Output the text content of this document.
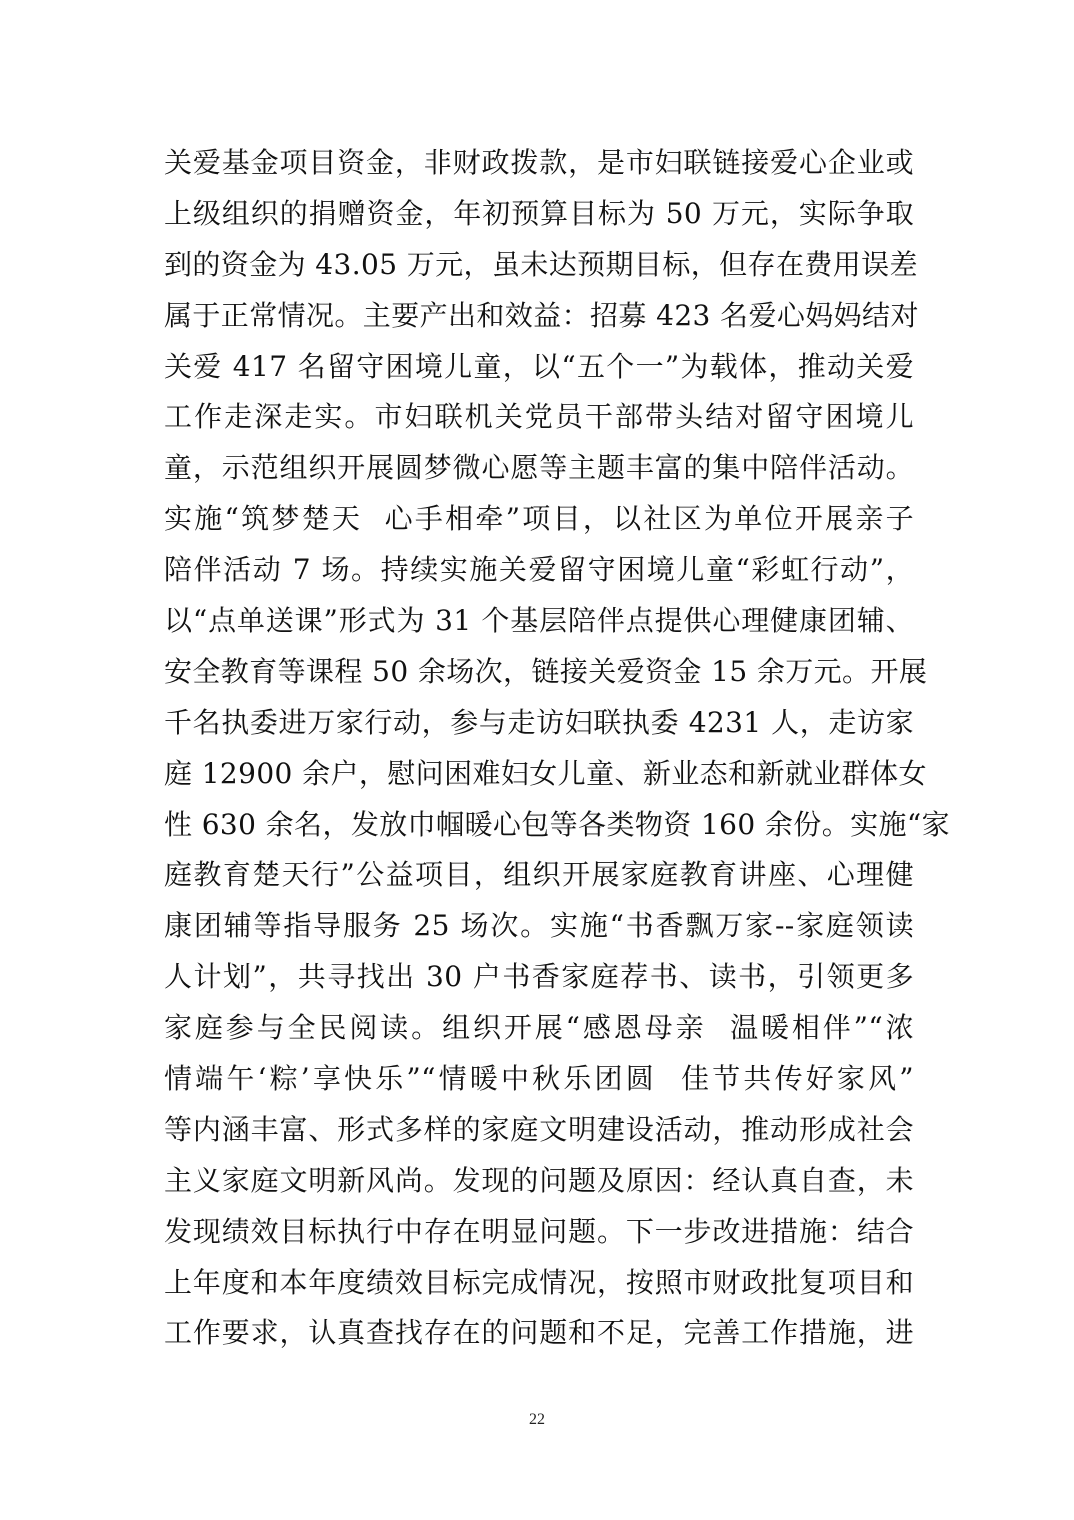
关爱基金项目资金，非财政拨款，是市妇联链接爱心企业或
上级组织的捐赠资金，年初预算目标为 50 万元，实际争取
到的资金为 43.05 万元，虽未达预期目标，但存在费用误差
属于正常情况。主要产出和效益：招募 423 名爱心妈妈结对
关爱 417 名留守困境儿童，以“五个一”为载体，推动关爱
工作走深走实。市妇联机关党员干部带头结对留守困境儿
童，示范组织开展圆梦微心愿等主题丰富的集中陪伴活动。
实施“筑梦楚天  心手相牵”项目，以社区为单位开展亲子
陪伴活动 7 场。持续实施关爱留守困境儿童“彩虹行动”，
以“点单送课”形式为 31 个基层陪伴点提供心理健康团辅、
安全教育等课程 50 余场次，链接关爱资金 15 余万元。开展
千名执委进万家行动，参与走访妇联执委 4231 人，走访家
庭 12900 余户，慰问困难妇女儿童、新业态和新就业群体女
性 630 余名，发放巾帼暖心包等各类物资 160 余份。实施“家
庭教育楚天行”公益项目，组织开展家庭教育讲座、心理健
康团辅等指导服务 25 场次。实施“书香飘万家--家庭领读
人计划”，共寻找出 30 户书香家庭荐书、读书，引领更多
家庭参与全民阅读。组织开展“感恩母亲  温暖相伴”“浓
情端午‘粽’享快乐”“情暖中秋乐团圆  佳节共传好家风”
等内涵丰富、形式多样的家庭文明建设活动，推动形成社会
主义家庭文明新风尚。发现的问题及原因：经认真自查，未
发现绩效目标执行中存在明显问题。下一步改进措施：结合
上年度和本年度绩效目标完成情况，按照市财政批复项目和
工作要求，认真查找存在的问题和不足，完善工作措施，进
22
